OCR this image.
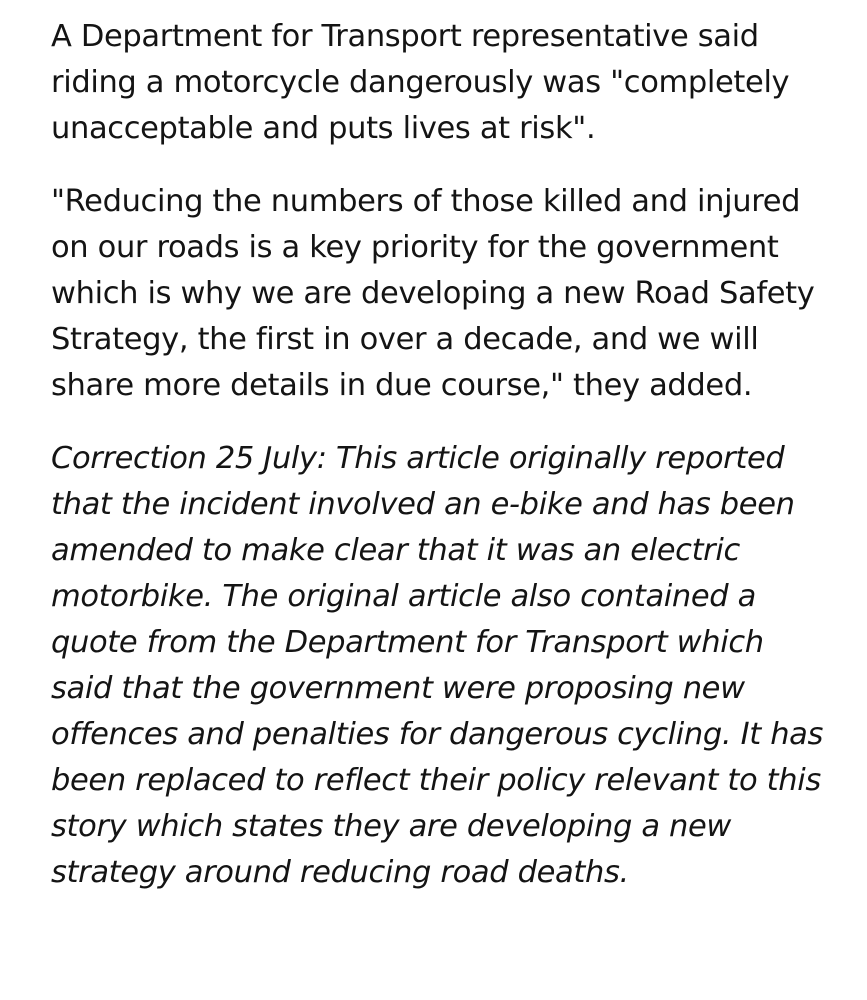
A Department for Transport representative said riding a motorcycle dangerously was "completely unacceptable and puts lives at risk".

"Reducing the numbers of those killed and injured on our roads is a key priority for the government which is why we are developing a new Road Safety Strategy, the first in over a decade, and we will share more details in due course," they added.

Correction 25 July: This article originally reported that the incident involved an e-bike and has been amended to make clear that it was an electric motorbike. The original article also contained a quote from the Department for Transport which said that the government were proposing new offences and penalties for dangerous cycling. It has been replaced to reflect their policy relevant to this story which states they are developing a new strategy around reducing road deaths.
